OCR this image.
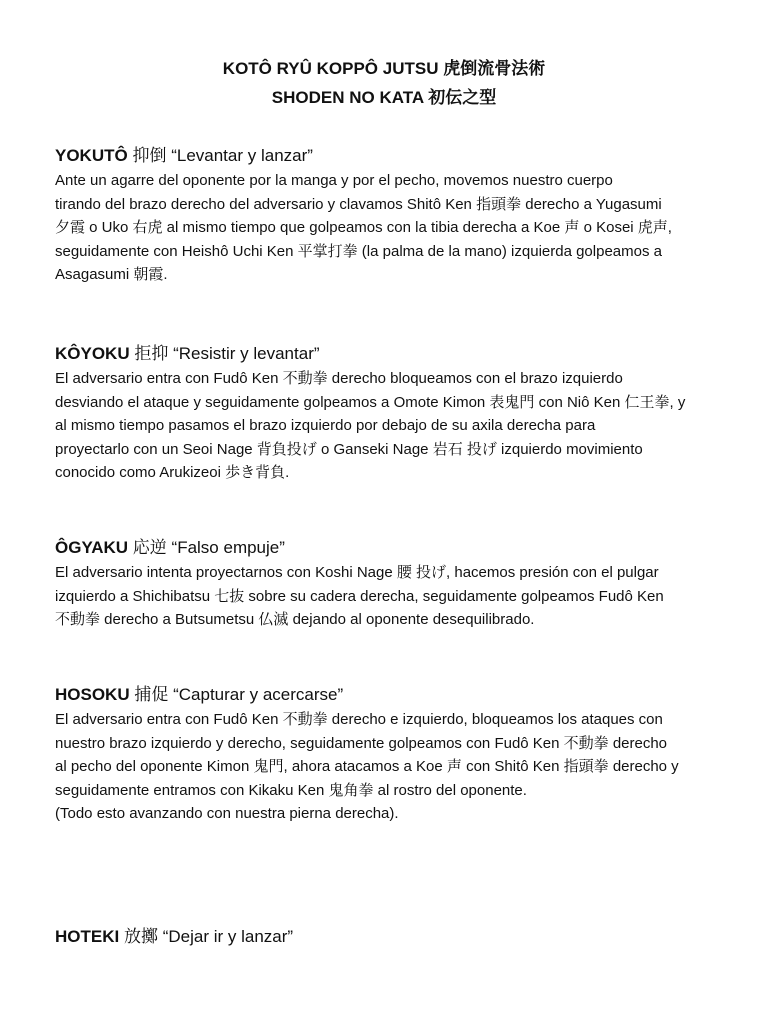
KOTÔ RYÛ KOPPÔ JUTSU 虎倒流骨法術
SHODEN NO KATA 初伝之型
YOKUTÔ 抑倒 “Levantar y lanzar”

Ante un agarre del oponente por la manga y por el pecho, movemos nuestro cuerpo
tirando del brazo derecho del adversario y clavamos Shitô Ken 指頭拳 derecho a Yugasumi
夕霞 o Uko 右虎 al mismo tiempo que golpeamos con la tibia derecha a Koe 声 o Kosei 虎声,
seguidamente con Heishô Uchi Ken 平掌打拳 (la palma de la mano) izquierda golpeamos a
Asagasumi 朝霞.

KÔYOKU 拒抑 “Resistir y levantar”

El adversario entra con Fudô Ken 不動拳 derecho bloqueamos con el brazo izquierdo
desviando el ataque y seguidamente golpeamos a Omote Kimon 表鬼門 con Niô Ken 仁王拳, y
al mismo tiempo pasamos el brazo izquierdo por debajo de su axila derecha para
proyectarlo con un Seoi Nage 背負投げ o Ganseki Nage 岩石 投げ izquierdo movimiento
conocido como Arukizeoi 歩き背負.

ÔGYAKU 応逆 “Falso empuje”

El adversario intenta proyectarnos con Koshi Nage 腰 投げ, hacemos presión con el pulgar
izquierdo a Shichibatsu 七抜 sobre su cadera derecha, seguidamente golpeamos Fudô Ken
不動拳 derecho a Butsumetsu 仏滅 dejando al oponente desequilibrado.

HOSOKU 捕促 “Capturar y acercarse”

El adversario entra con Fudô Ken 不動拳 derecho e izquierdo, bloqueamos los ataques con
nuestro brazo izquierdo y derecho, seguidamente golpeamos con Fudô Ken 不動拳 derecho
al pecho del oponente Kimon 鬼門, ahora atacamos a Koe 声 con Shitô Ken 指頭拳 derecho y
seguidamente entramos con Kikaku Ken 鬼角拳 al rostro del oponente.
(Todo esto avanzando con nuestra pierna derecha).

HOTEKI 放擲 “Dejar ir y lanzar”
